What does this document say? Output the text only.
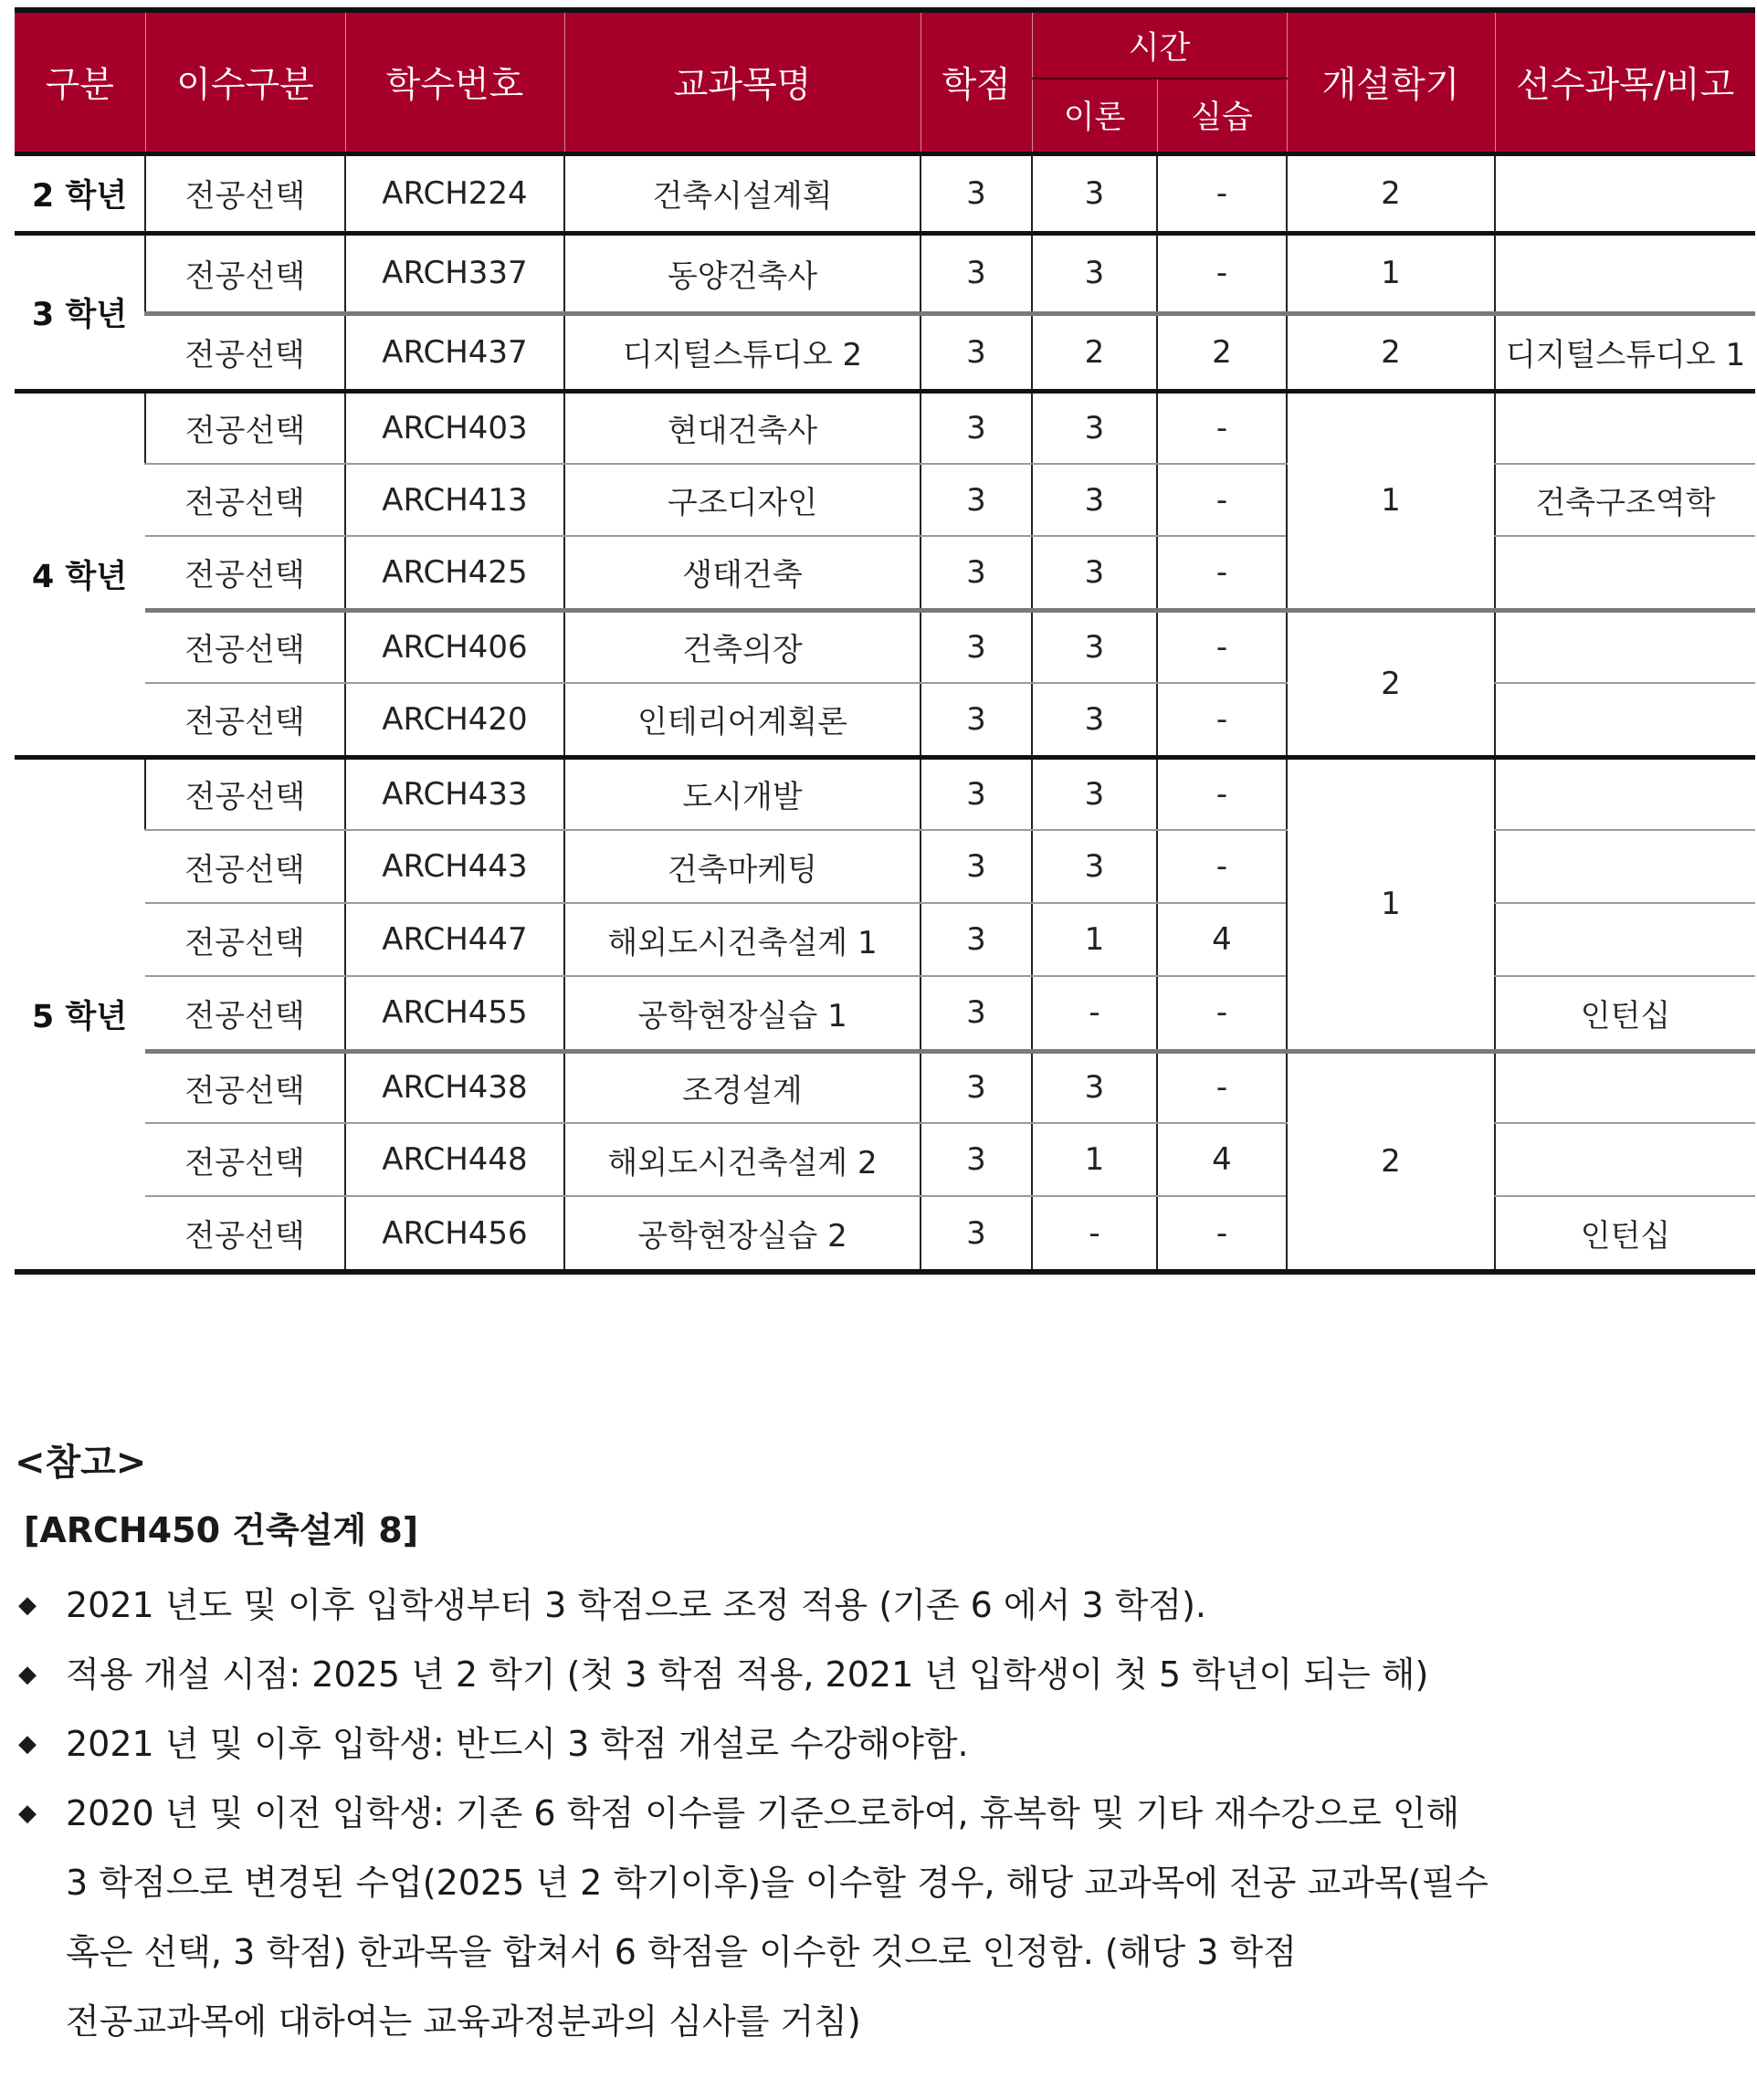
구분	이수구분	학수번호	교과목명	학점	시간		개설학기	선수과목/비고
					이론	실습		
2 학년	전공선택	ARCH224	건축시설계획	3	3	-	2	
3 학년	전공선택	ARCH337	동양건축사	3	3	-	1	
	전공선택	ARCH437	디지털스튜디오 2	3	2	2	2	디지털스튜디오 1
4 학년	전공선택	ARCH403	현대건축사	3	3	-	1	
	전공선택	ARCH413	구조디자인	3	3	-		건축구조역학
	전공선택	ARCH425	생태건축	3	3	-		
	전공선택	ARCH406	건축의장	3	3	-	2	
	전공선택	ARCH420	인테리어계획론	3	3	-		
5 학년	전공선택	ARCH433	도시개발	3	3	-	1	
	전공선택	ARCH443	건축마케팅	3	3	-		
	전공선택	ARCH447	해외도시건축설계 1	3	1	4		
	전공선택	ARCH455	공학현장실습 1	3	-	-		인턴십
	전공선택	ARCH438	조경설계	3	3	-	2	
	전공선택	ARCH448	해외도시건축설계 2	3	1	4		
	전공선택	ARCH456	공학현장실습 2	3	-	-		인턴십
<참고>
[ARCH450 건축설계 8]
◆ 2021 년도 및 이후 입학생부터 3 학점으로 조정 적용 (기존 6 에서 3 학점).
◆ 적용 개설 시점: 2025 년 2 학기 (첫 3 학점 적용, 2021 년 입학생이 첫 5 학년이 되는 해)
◆ 2021 년 및 이후 입학생: 반드시 3 학점 개설로 수강해야함.
◆ 2020 년 및 이전 입학생: 기존 6 학점 이수를 기준으로하여, 휴복학 및 기타 재수강으로 인해
3 학점으로 변경된 수업(2025 년 2 학기이후)을 이수할 경우, 해당 교과목에 전공 교과목(필수
혹은 선택, 3 학점) 한과목을 합쳐서 6 학점을 이수한 것으로 인정함. (해당 3 학점
전공교과목에 대하여는 교육과정분과의 심사를 거침)
